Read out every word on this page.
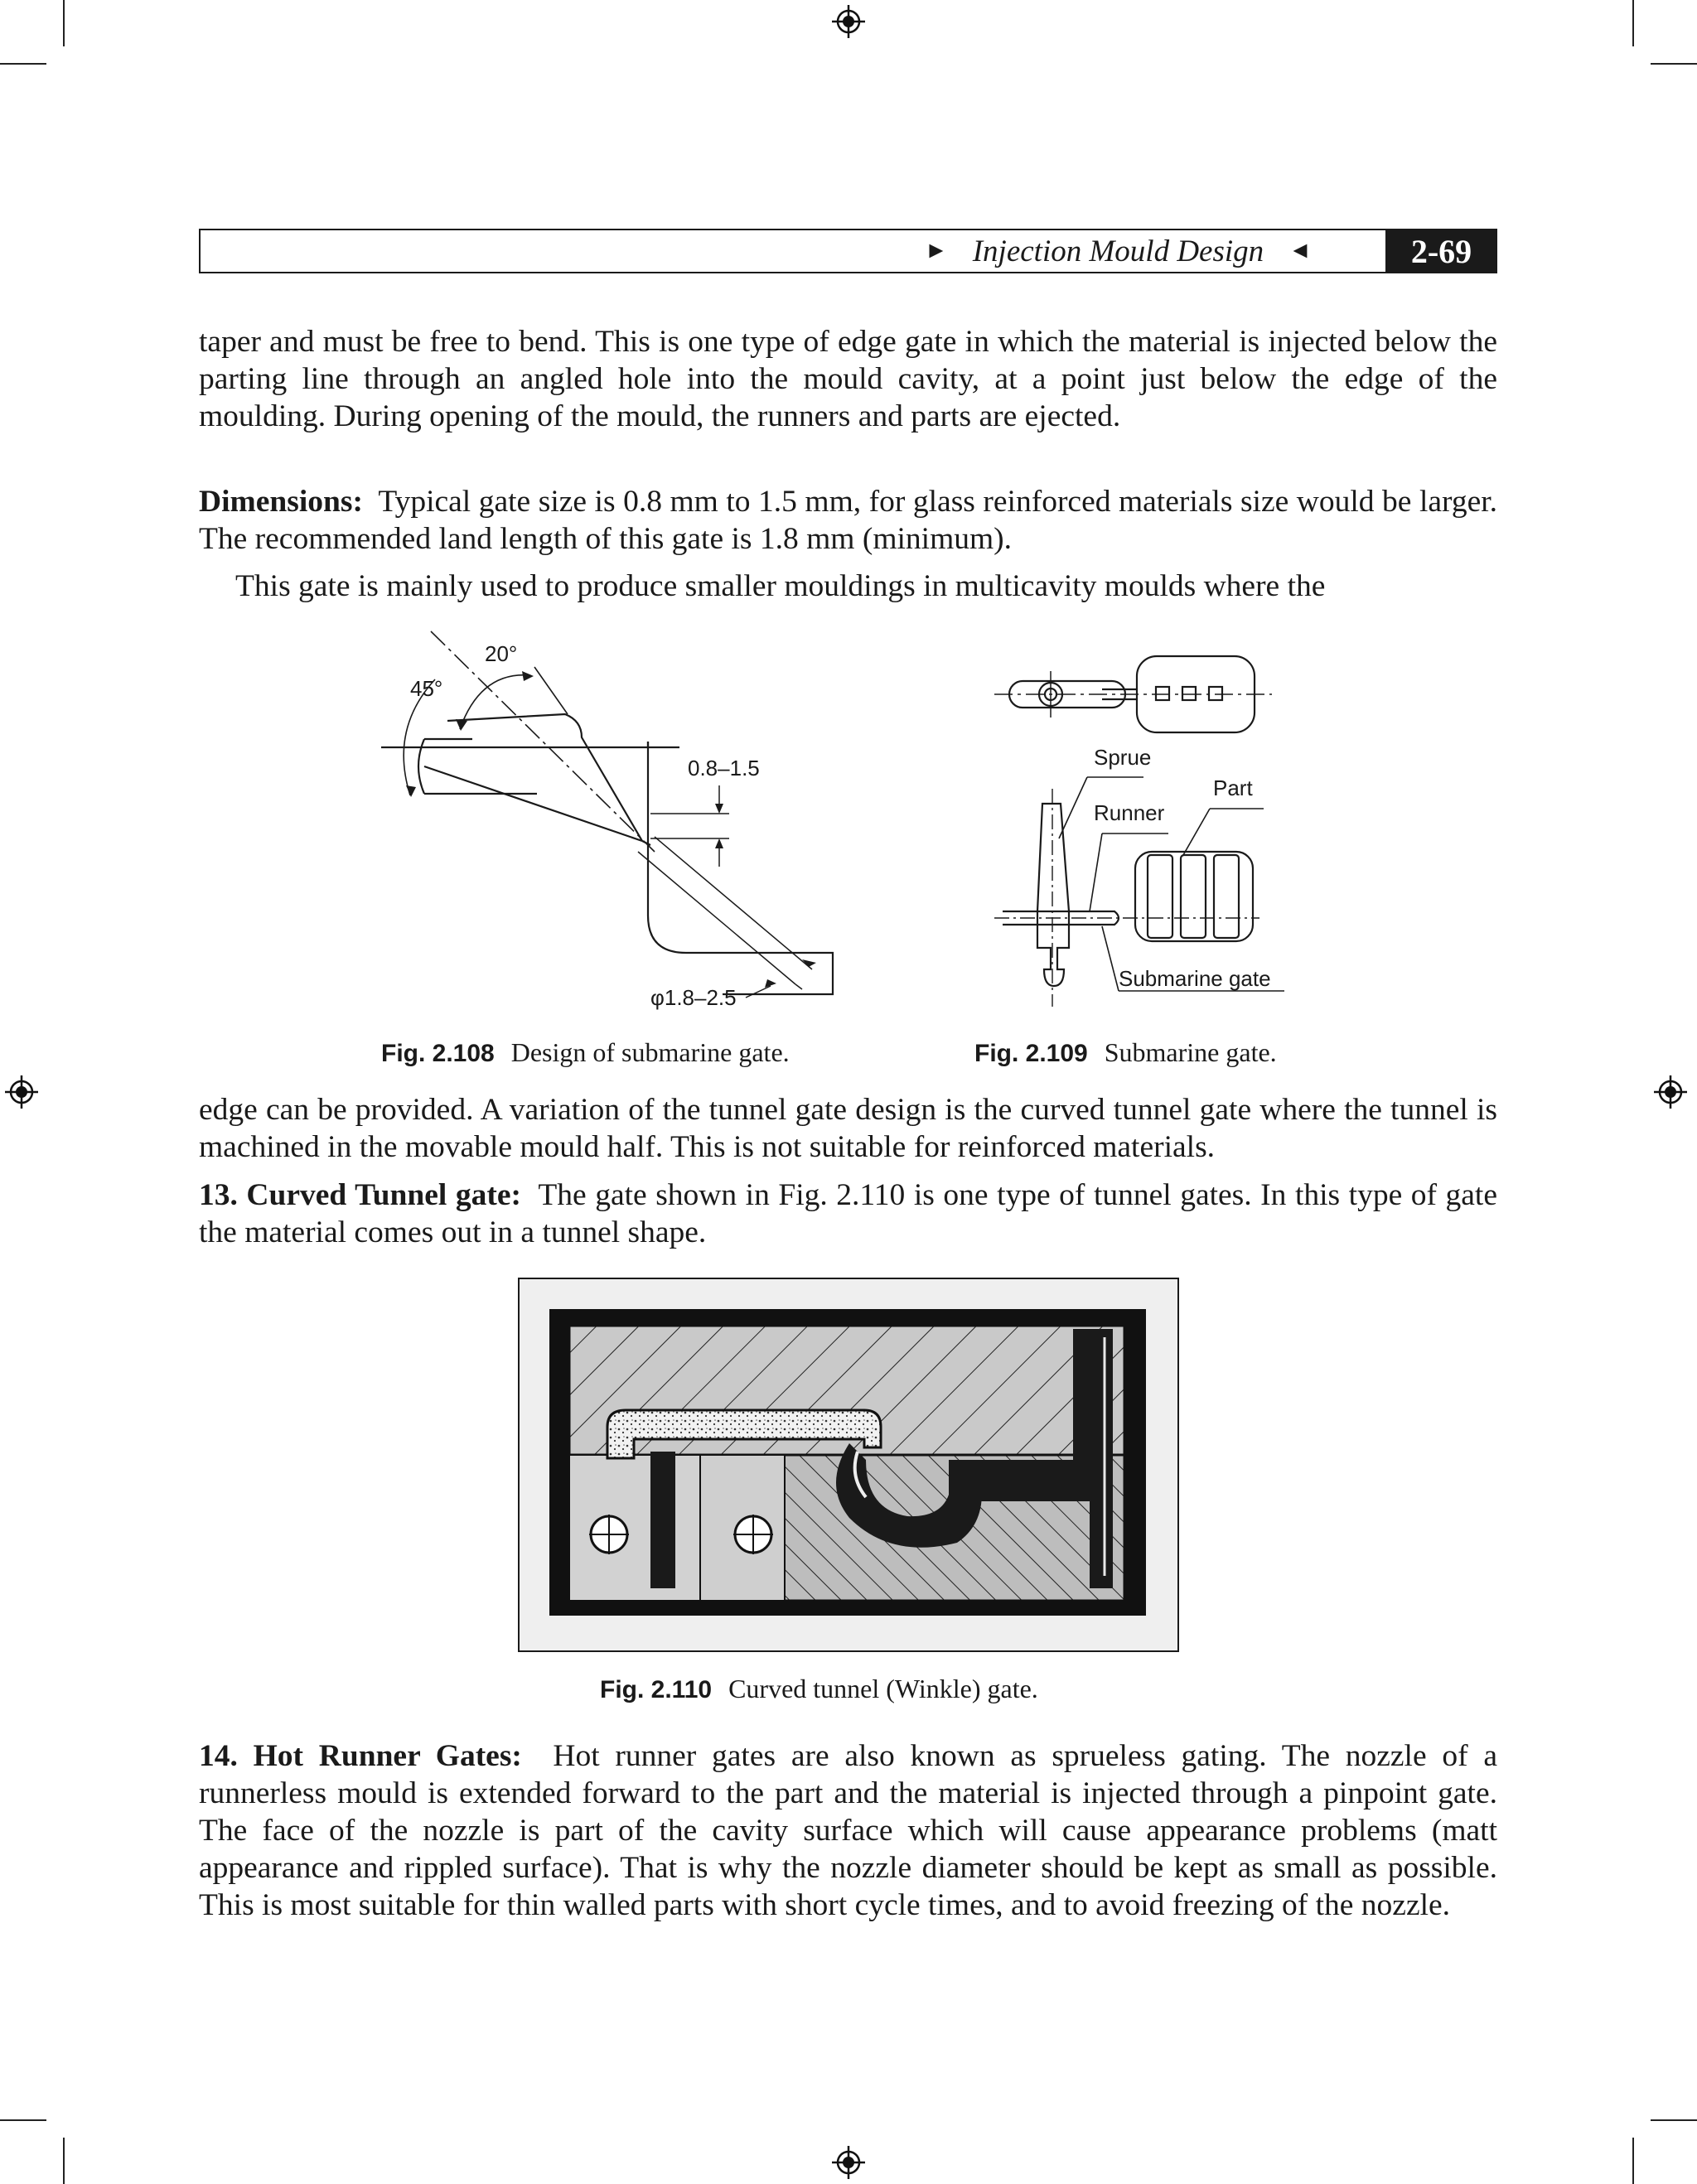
► Injection Mould Design ◄	2-69

taper and must be free to bend. This is one type of edge gate in which the material is injected below the parting line through an angled hole into the mould cavity, at a point just below the edge of the moulding. During opening of the mould, the runners and parts are ejected.

Dimensions: Typical gate size is 0.8 mm to 1.5 mm, for glass reinforced materials size would be larger. The recommended land length of this gate is 1.8 mm (minimum).

This gate is mainly used to produce smaller mouldings in multicavity moulds where the

20°
45°
0.8–1.5
φ1.8–2.5
Fig. 2.108 Design of submarine gate.
Sprue
Runner
Part
Submarine gate
Fig. 2.109 Submarine gate.

edge can be provided. A variation of the tunnel gate design is the curved tunnel gate where the tunnel is machined in the movable mould half. This is not suitable for reinforced materials.

13. Curved Tunnel gate: The gate shown in Fig. 2.110 is one type of tunnel gates. In this type of gate the material comes out in a tunnel shape.

Fig. 2.110 Curved tunnel (Winkle) gate.

14. Hot Runner Gates: Hot runner gates are also known as sprueless gating. The nozzle of a runnerless mould is extended forward to the part and the material is injected through a pinpoint gate. The face of the nozzle is part of the cavity surface which will cause appearance problems (matt appearance and rippled surface). That is why the nozzle diameter should be kept as small as possible. This is most suitable for thin walled parts with short cycle times, and to avoid freezing of the nozzle.
